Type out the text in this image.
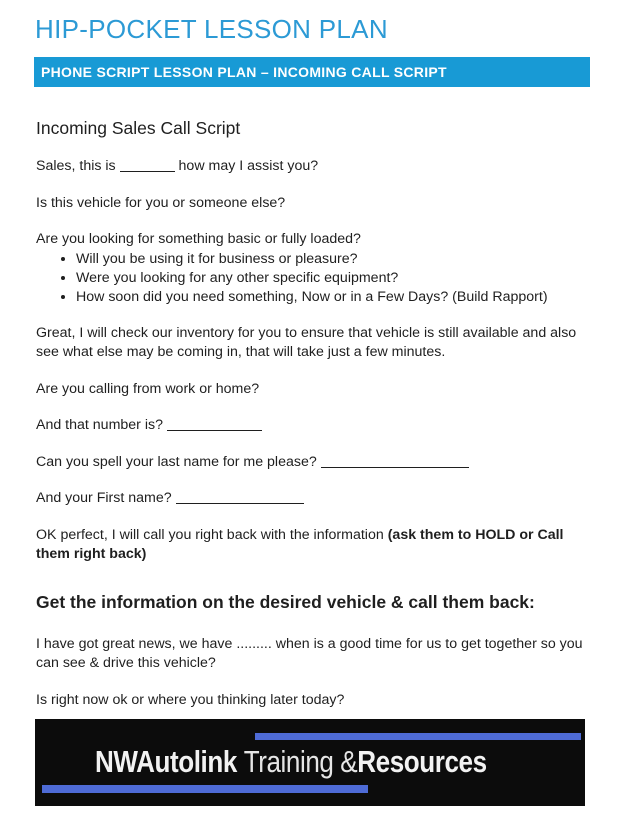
HIP-POCKET LESSON PLAN
PHONE SCRIPT LESSON PLAN – INCOMING CALL SCRIPT
Incoming Sales Call Script

Sales, this is	how may I assist you?

Is this vehicle for you or someone else?

Are you looking for something basic or fully loaded?

• Will you be using it for business or pleasure?
• Were you looking for any other specific equipment?
• How soon did you need something, Now or in a Few Days? (Build Rapport)

Great, I will check our inventory for you to ensure that vehicle is still available and also see what else may be coming in, that will take just a few minutes.

Are you calling from work or home?

And that number is?

Can you spell your last name for me please?

And your First name?

OK perfect, I will call you right back with the information (ask them to HOLD or Call them right back)

Get the information on the desired vehicle & call them back:

I have got great news, we have ......... when is a good time for us to get together so you can see & drive this vehicle?

Is right now ok or where you thinking later today?

NWAutolink Training &Resources
